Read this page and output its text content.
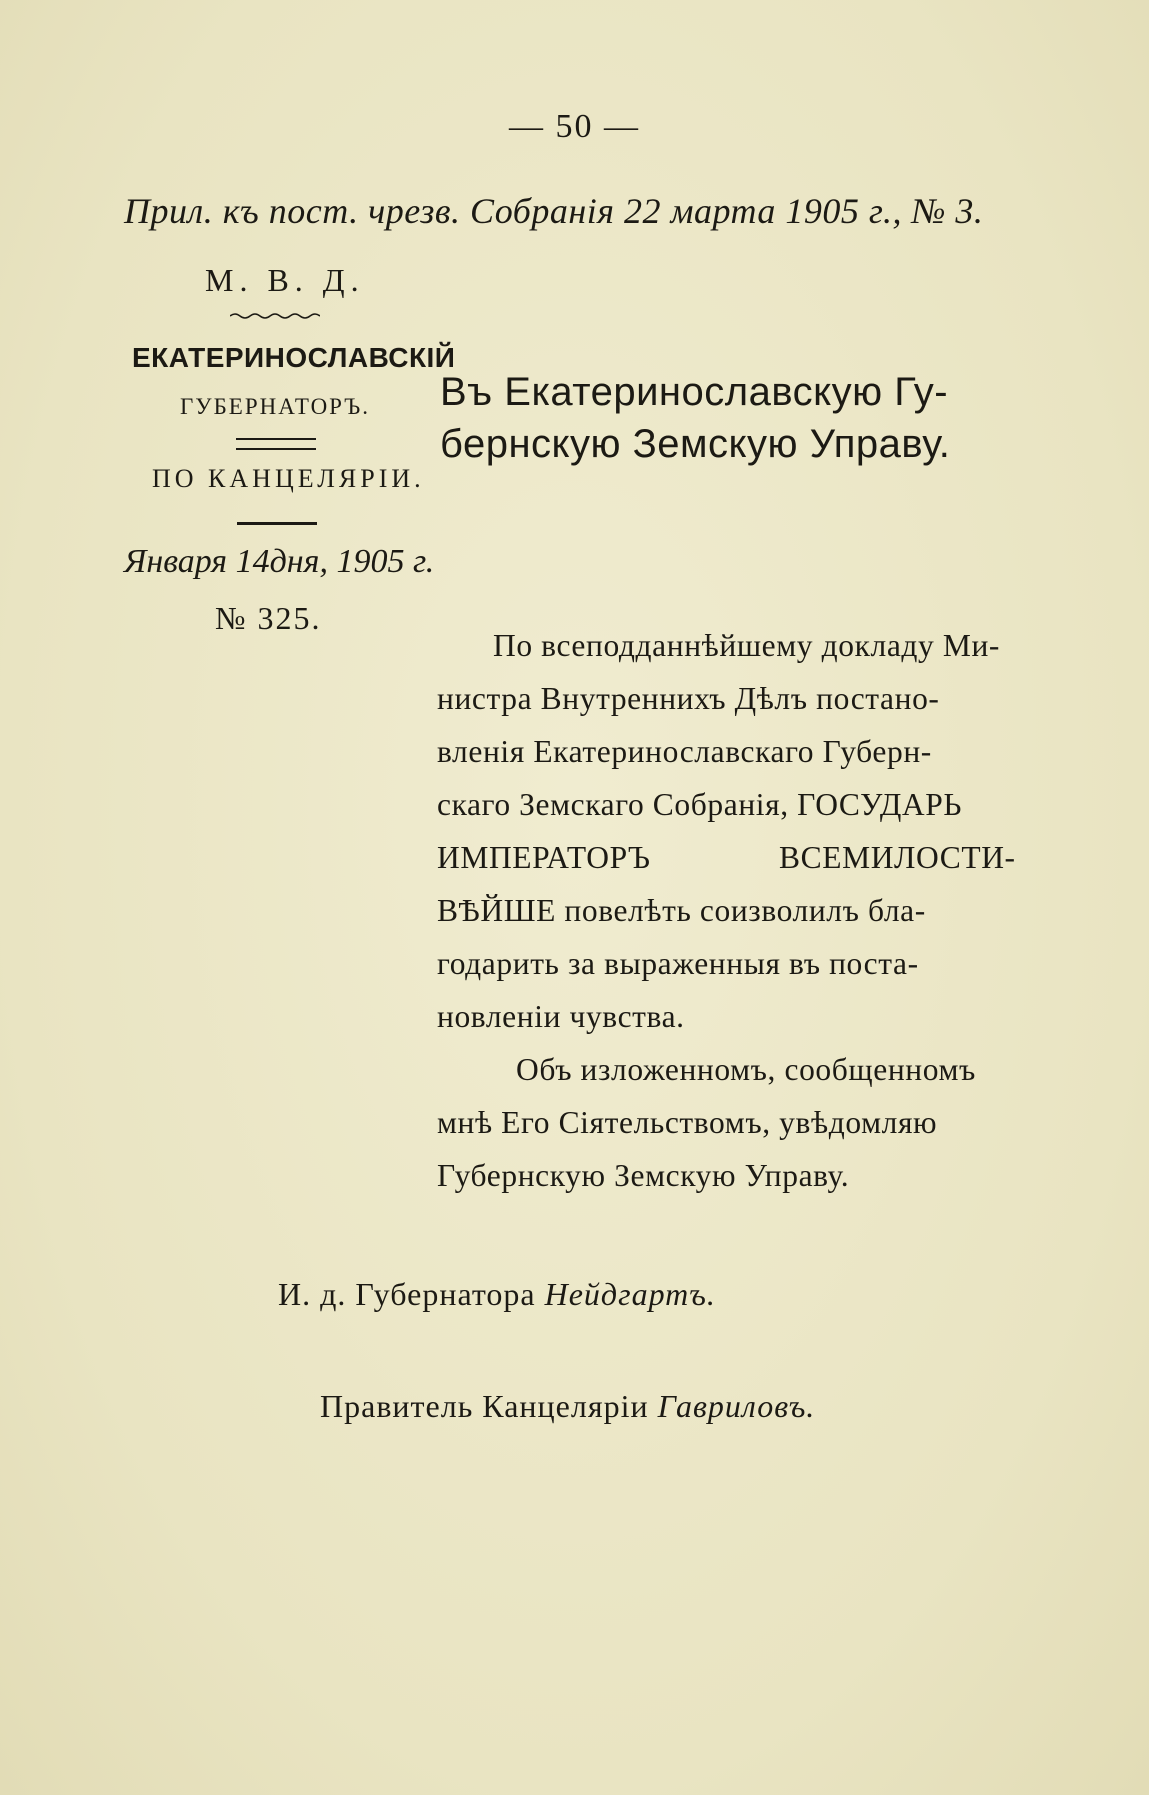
— 50 —
Прил. къ пост. чрезв. Собранія 22 марта 1905 г., № 3.
М. В. Д.
ЕКАТЕРИНОСЛАВСКІЙ
ГУБЕРНАТОРЪ.
ПО КАНЦЕЛЯРІИ.
Января 14дня, 1905 г.
№ 325.
Въ Екатеринославскую Гу-
бернскую Земскую Управу.
По всеподданнѣйшему докладу Ми-
нистра Внутреннихъ Дѣлъ постано-
вленія Екатеринославскаго Губерн-
скаго Земскаго Собранія, ГОСУДАРЬ
ИМПЕРАТОРЪ ВСЕМИЛОСТИ-
ВѢЙШЕ повелѣть соизволилъ бла-
годарить за выраженныя въ поста-
новленіи чувства.
Объ изложенномъ, сообщенномъ
мнѣ Его Сіятельствомъ, увѣдомляю
Губернскую Земскую Управу.
И. д. Губернатора Нейдгартъ.
Правитель Канцеляріи Гавриловъ.
